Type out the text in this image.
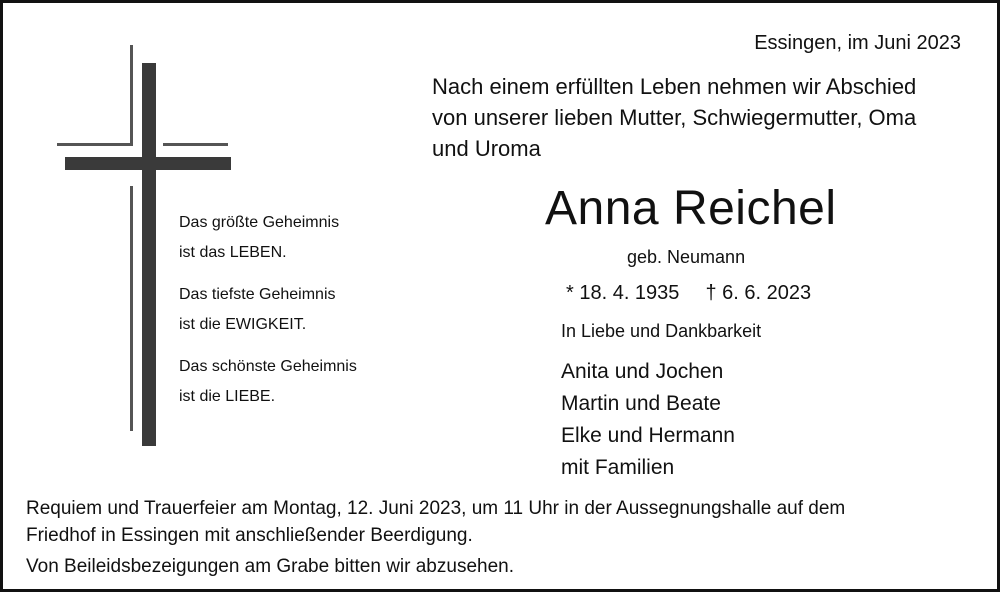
Essingen, im Juni 2023
Nach einem erfüllten Leben nehmen wir Abschied
von unserer lieben Mutter, Schwiegermutter, Oma
und Uroma
Anna Reichel
geb. Neumann
* 18. 4. 1935 † 6. 6. 2023
In Liebe und Dankbarkeit
Anita und Jochen
Martin und Beate
Elke und Hermann
mit Familien
Das größte Geheimnis
ist das LEBEN.
Das tiefste Geheimnis
ist die EWIGKEIT.
Das schönste Geheimnis
ist die LIEBE.
Requiem und Trauerfeier am Montag, 12. Juni 2023, um 11 Uhr in der Aussegnungshalle auf dem
Friedhof in Essingen mit anschließender Beerdigung.
Von Beileidsbezeigungen am Grabe bitten wir abzusehen.
